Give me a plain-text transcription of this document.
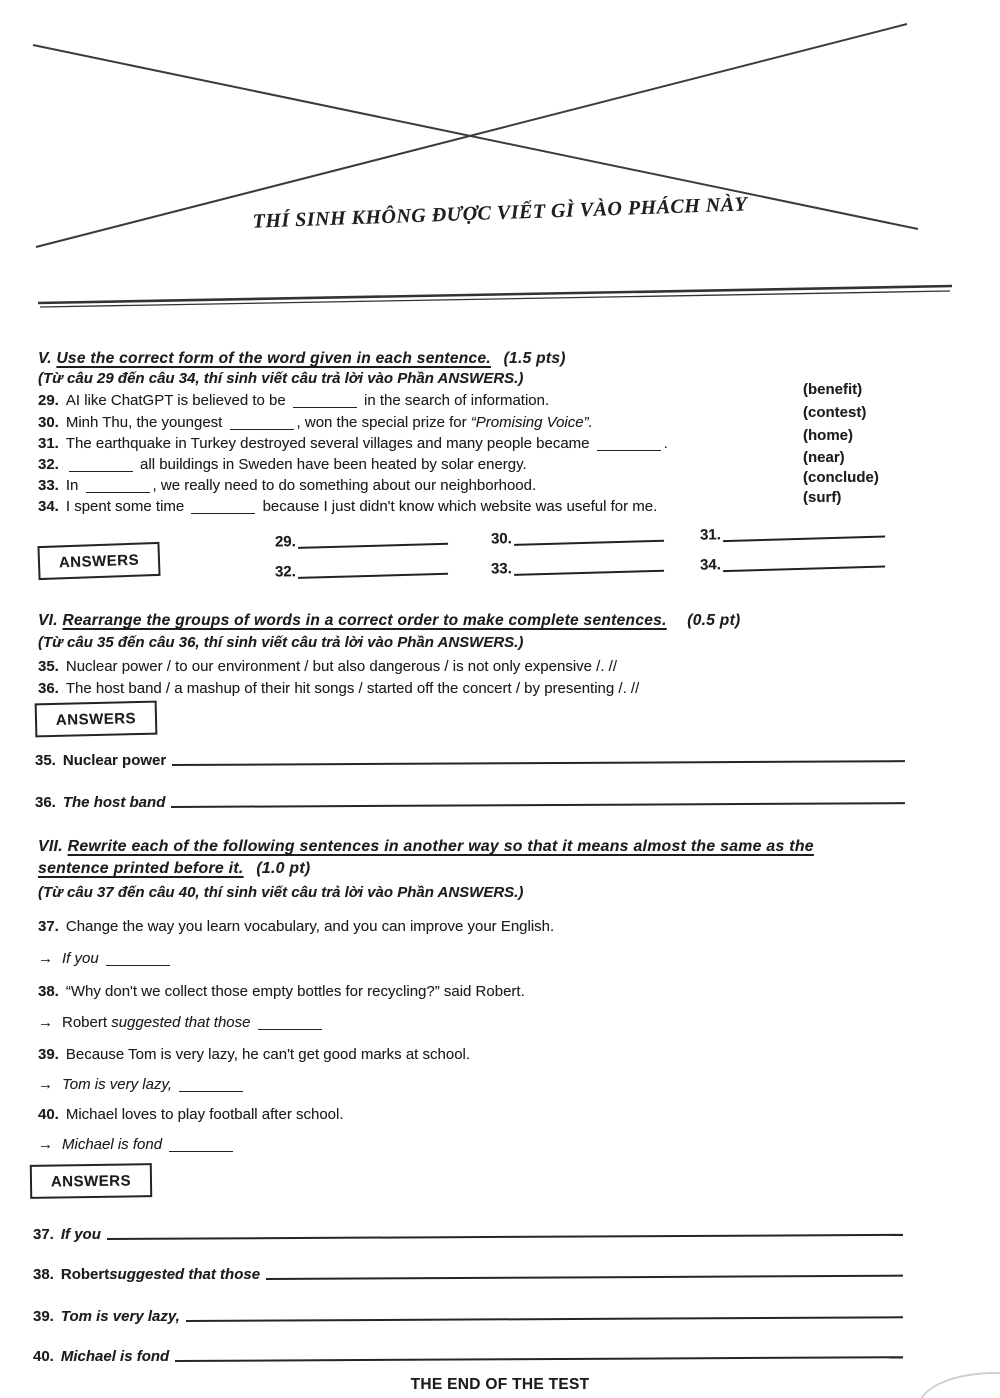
THÍ SINH KHÔNG ĐƯỢC VIẾT GÌ VÀO PHÁCH NÀY
V. Use the correct form of the word given in each sentence. (1.5 pts)
(Từ câu 29 đến câu 34, thí sinh viết câu trả lời vào Phần ANSWERS.)
29. AI like ChatGPT is believed to be	in the search of information.
30. Minh Thu, the youngest	, won the special prize for “Promising Voice”.
31. The earthquake in Turkey destroyed several villages and many people became	.
32.	all buildings in Sweden have been heated by solar energy.
33. In	, we really need to do something about our neighborhood.
34. I spent some time	because I just didn't know which website was useful for me.
(benefit)
(contest)
(home)
(near)
(conclude)
(surf)
ANSWERS
29.	30.	31.
32.	33.	34.
VI. Rearrange the groups of words in a correct order to make complete sentences. (0.5 pt)
(Từ câu 35 đến câu 36, thí sinh viết câu trả lời vào Phần ANSWERS.)
35. Nuclear power / to our environment / but also dangerous / is not only expensive /. //
36. The host band / a mashup of their hit songs / started off the concert / by presenting /. //
ANSWERS
35. Nuclear power
36. The host band
VII. Rewrite each of the following sentences in another way so that it means almost the same as the
sentence printed before it. (1.0 pt)
(Từ câu 37 đến câu 40, thí sinh viết câu trả lời vào Phần ANSWERS.)
37. Change the way you learn vocabulary, and you can improve your English.
→ If you
38. “Why don't we collect those empty bottles for recycling?” said Robert.
→ Robert suggested that those
39. Because Tom is very lazy, he can't get good marks at school.
→ Tom is very lazy,
40. Michael loves to play football after school.
→ Michael is fond
ANSWERS
37. If you
38. Robert suggested that those
39. Tom is very lazy,
40. Michael is fond
THE END OF THE TEST
